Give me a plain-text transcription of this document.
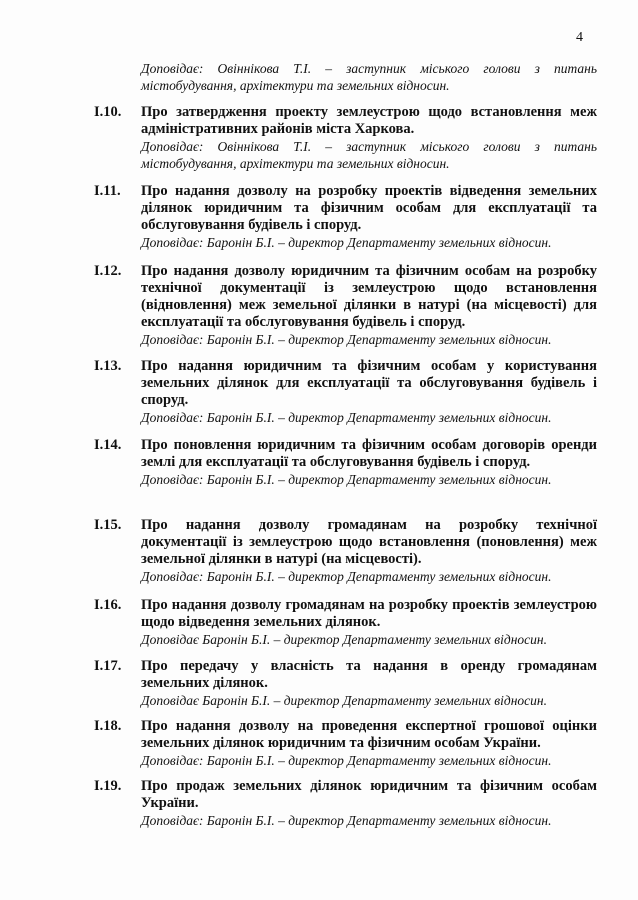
4

Доповідає: Овіннікова Т.І. – заступник міського голови з питань містобудування, архітектури та земельних відносин.

I.10. Про затвердження проекту землеустрою щодо встановлення меж адміністративних районів міста Харкова.

Доповідає: Овіннікова Т.І. – заступник міського голови з питань містобудування, архітектури та земельних відносин.

I.11. Про надання дозволу на розробку проектів відведення земельних ділянок юридичним та фізичним особам для експлуатації та обслуговування будівель і споруд.

Доповідає: Баронін Б.І. – директор Департаменту земельних відносин.

I.12. Про надання дозволу юридичним та фізичним особам на розробку технічної документації із землеустрою щодо встановлення (відновлення) меж земельної ділянки в натурі (на місцевості) для експлуатації та обслуговування будівель і споруд.

Доповідає: Баронін Б.І. – директор Департаменту земельних відносин.

I.13. Про надання юридичним та фізичним особам у користування земельних ділянок для експлуатації та обслуговування будівель і споруд.

Доповідає: Баронін Б.І. – директор Департаменту земельних відносин.

I.14. Про поновлення юридичним та фізичним особам договорів оренди землі для експлуатації та обслуговування будівель і споруд.

Доповідає: Баронін Б.І. – директор Департаменту земельних відносин.

I.15. Про надання дозволу громадянам на розробку технічної документації із землеустрою щодо встановлення (поновлення) меж земельної ділянки в натурі (на місцевості).

Доповідає: Баронін Б.І. – директор Департаменту земельних відносин.

I.16. Про надання дозволу громадянам на розробку проектів землеустрою щодо відведення земельних ділянок.

Доповідає Баронін Б.І. – директор Департаменту земельних відносин.

I.17. Про передачу у власність та надання в оренду громадянам земельних ділянок.

Доповідає Баронін Б.І. – директор Департаменту земельних відносин.

I.18. Про надання дозволу на проведення експертної грошової оцінки земельних ділянок юридичним та фізичним особам України.

Доповідає: Баронін Б.І. – директор Департаменту земельних відносин.

I.19. Про продаж земельних ділянок юридичним та фізичним особам України.

Доповідає: Баронін Б.І. – директор Департаменту земельних відносин.
